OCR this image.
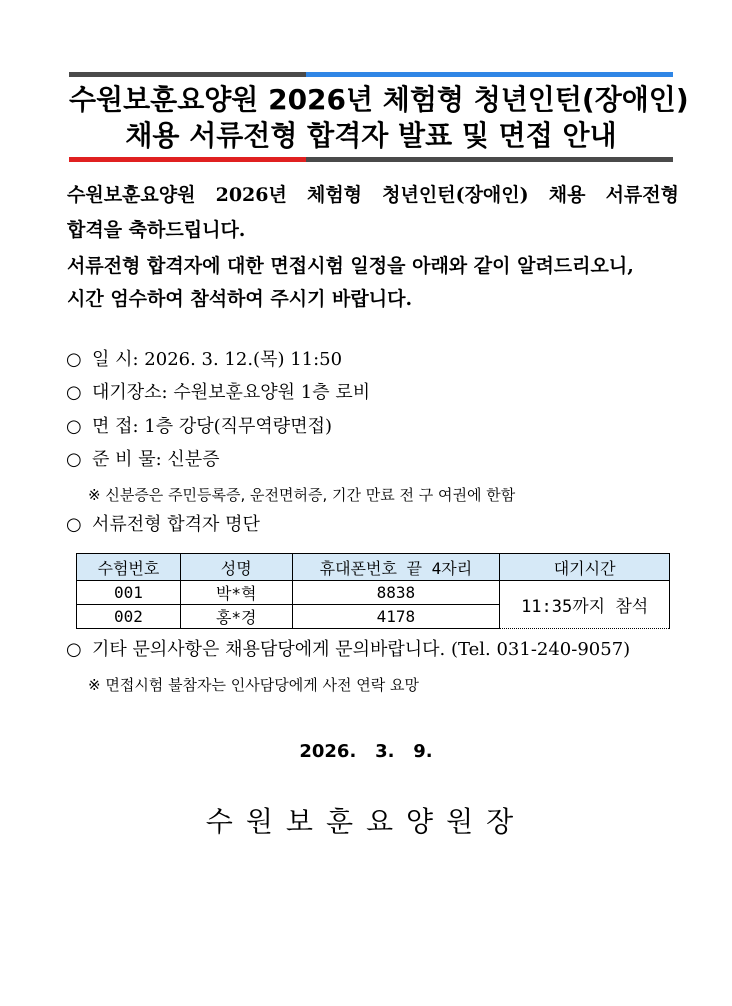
수원보훈요양원 2026년 체험형 청년인턴(장애인)
채용 서류전형 합격자 발표 및 면접 안내
수원보훈요양원 2026년 체험형 청년인턴(장애인) 채용 서류전형
합격을 축하드립니다.
서류전형 합격자에 대한 면접시험 일정을 아래와 같이 알려드리오니,
시간 엄수하여 참석하여 주시기 바랍니다.
○ 일 시: 2026. 3. 12.(목) 11:50
○ 대기장소: 수원보훈요양원 1층 로비
○ 면 접: 1층 강당(직무역량면접)
○ 준 비 물: 신분증
※ 신분증은 주민등록증, 운전면허증, 기간 만료 전 구 여권에 한함
○ 서류전형 합격자 명단
수험번호	성명	휴대폰번호 끝 4자리	대기시간
001	박*혁	8838	11:35까지 참석
002	홍*경	4178	
○ 기타 문의사항은 채용담당에게 문의바랍니다. (Tel. 031-240-9057)
※ 면접시험 불참자는 인사담당에게 사전 연락 요망
2026.   3.   9.
수원보훈요양원장
